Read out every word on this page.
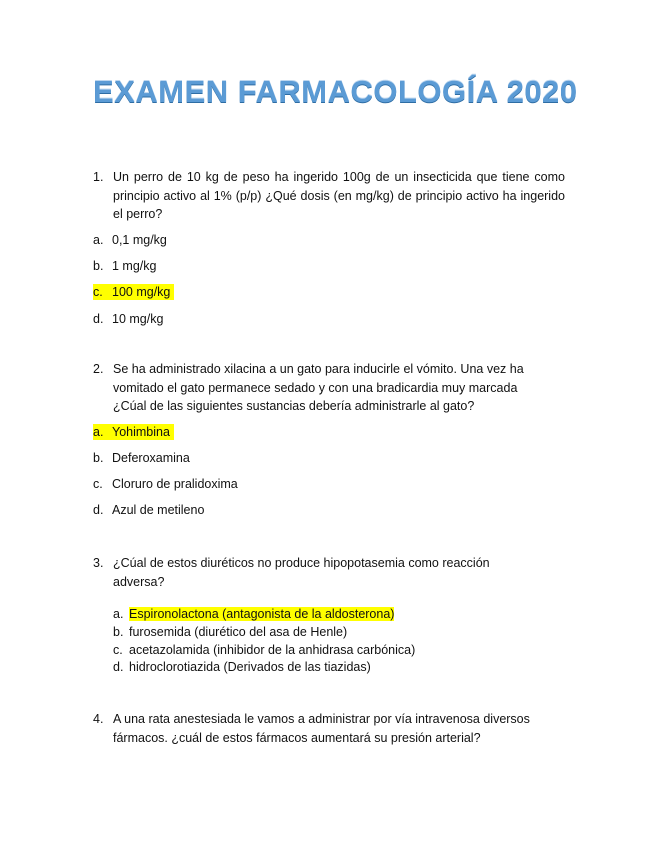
EXAMEN FARMACOLOGÍA 2020
1. Un perro de 10 kg de peso ha ingerido 100g de un insecticida que tiene como principio activo al 1% (p/p) ¿Qué dosis (en mg/kg) de principio activo ha ingerido el perro?
a. 0,1 mg/kg
b. 1 mg/kg
c. 100 mg/kg
d. 10 mg/kg
2. Se ha administrado xilacina a un gato para inducirle el vómito. Una vez ha
vomitado el gato permanece sedado y con una bradicardia muy marcada
¿Cúal de las siguientes sustancias debería administrarle al gato?
a. Yohimbina
b. Deferoxamina
c. Cloruro de pralidoxima
d. Azul de metileno
3. ¿Cúal de estos diuréticos no produce hipopotasemia como reacción
adversa?
a. Espironolactona (antagonista de la aldosterona)
b. furosemida (diurético del asa de Henle)
c. acetazolamida (inhibidor de la anhidrasa carbónica)
d. hidroclorotiazida (Derivados de las tiazidas)
4. A una rata anestesiada le vamos a administrar por vía intravenosa diversos
fármacos. ¿cuál de estos fármacos aumentará su presión arterial?
